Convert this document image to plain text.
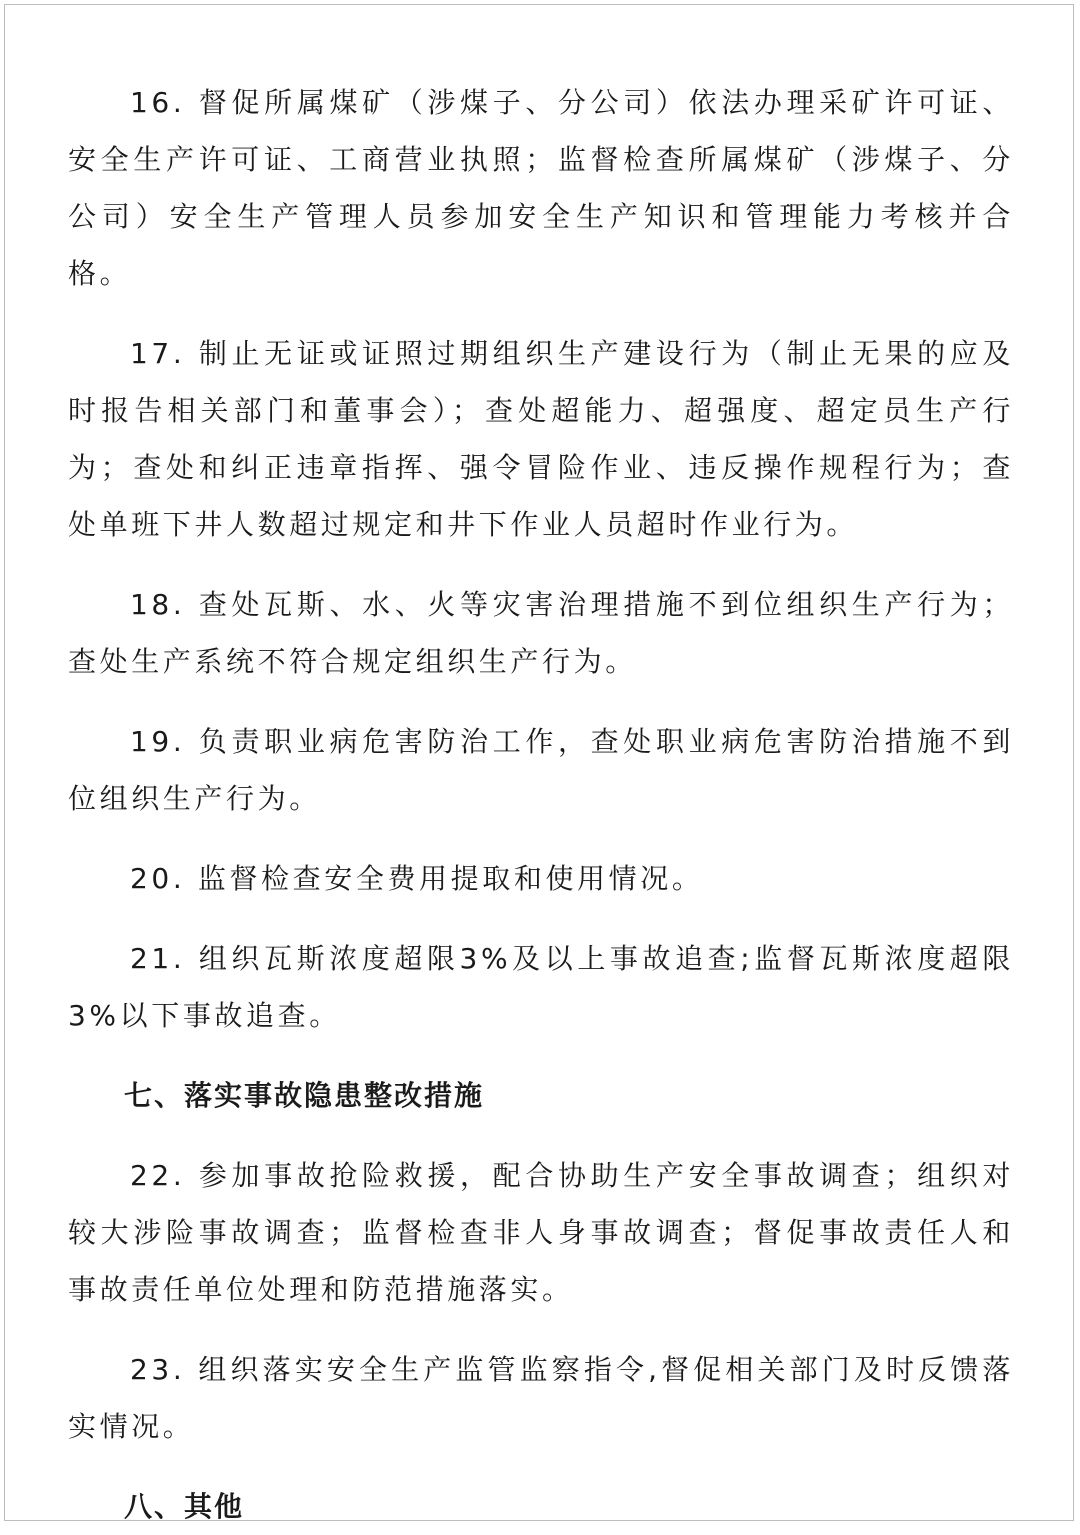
16. 督促所属煤矿（涉煤子、分公司）依法办理采矿许可证、安全生产许可证、工商营业执照；监督检查所属煤矿（涉煤子、分公司）安全生产管理人员参加安全生产知识和管理能力考核并合格。

17. 制止无证或证照过期组织生产建设行为（制止无果的应及时报告相关部门和董事会）；查处超能力、超强度、超定员生产行为；查处和纠正违章指挥、强令冒险作业、违反操作规程行为；查处单班下井人数超过规定和井下作业人员超时作业行为。

18. 查处瓦斯、水、火等灾害治理措施不到位组织生产行为；查处生产系统不符合规定组织生产行为。

19. 负责职业病危害防治工作，查处职业病危害防治措施不到位组织生产行为。

20. 监督检查安全费用提取和使用情况。

21. 组织瓦斯浓度超限3%及以上事故追查;监督瓦斯浓度超限3%以下事故追查。

七、落实事故隐患整改措施

22. 参加事故抢险救援，配合协助生产安全事故调查；组织对较大涉险事故调查；监督检查非人身事故调查；督促事故责任人和事故责任单位处理和防范措施落实。

23. 组织落实安全生产监管监察指令,督促相关部门及时反馈落实情况。

八、其他
